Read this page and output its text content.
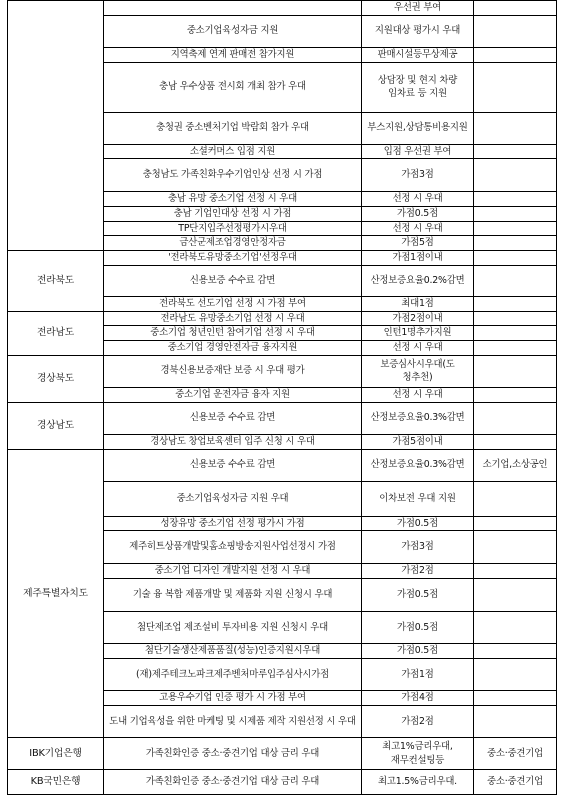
		우선권 부여	
	중소기업육성자금 지원	지원대상 평가시 우대	
	지역축제 연계 판매전 참가지원	판매시설등무상제공	
	충남 우수상품 전시회 개최 참가 우대	상담장 및 현지 차량 임차료 등 지원	
	충청권 중소벤처기업 박람회 참가 우대	부스지원,상담통비용지원	
	소셜커머스 입점 지원	입점 우선권 부여	
	충청남도 가족친화우수기업인상 선정 시 가점	가점3점	
	충남 유망 중소기업 선정 시 우대	선정 시 우대	
	충남 기업인대상 선정 시 가점	가점0.5점	
	TP단지입주선정평가시우대	선정 시 우대	
	금산군제조업경영안정자금	가점5점	
전라북도	'전라북도유망중소기업'선정우대	가점1점이내	
	신용보증 수수료 감면	산정보증요율0.2%감면	
	전라북도 선도기업 선정 시 가점 부여	최대1점	
전라남도	전라남도 유망중소기업 선정 시 우대	가점2점이내	
	중소기업 청년인턴 참여기업 선정 시 우대	인턴1명추가지원	
	중소기업 경영안전자금 융자지원	선정 시 우대	
경상북도	경북신용보증재단 보증 시 우대 평가	보증심사시우대(도 청추천)	
	중소기업 운전자금 융자 지원	선정 시 우대	
경상남도	신용보증 수수료 감면	산정보증요율0.3%감면	
	경상남도 창업보육센터 입주 신청 시 우대	가점5점이내	
제주특별자치도	신용보증 수수료 감면	산정보증요율0.3%감면	소기업,소상공인
	중소기업육성자금 지원 우대	이차보전 우대 지원	
	성장유망 중소기업 선정 평가시 가점	가점0.5점	
	제주히트상품개발및홈쇼핑방송지원사업선정시 가점	가점3점	
	중소기업 디자인 개발지원 선정 시 우대	가점2점	
	기술 융 복합 제품개발 및 제품화 지원 신청시 우대	가점0.5점	
	첨단제조업 제조설비 투자비용 지원 신청시 우대	가점0.5점	
	첨단기술생산제품품질(성능)인증지원시우대	가점0.5점	
	(재)제주테크노파크제주벤처마루입주심사시가점	가점1점	
	고용우수기업 인증 평가 시 가점 부여	가점4점	
	도내 기업육성을 위한 마케팅 및 시제품 제작 지원선정 시 우대	가점2점	
IBK기업은행	가족친화인증 중소·중견기업 대상 금리 우대	최고1%금리우대,재무컨설팅등	중소·중견기업
KB국민은행	가족친화인증 중소·중견기업 대상 금리 우대	최고1.5%금리우대.	중소·중견기업
